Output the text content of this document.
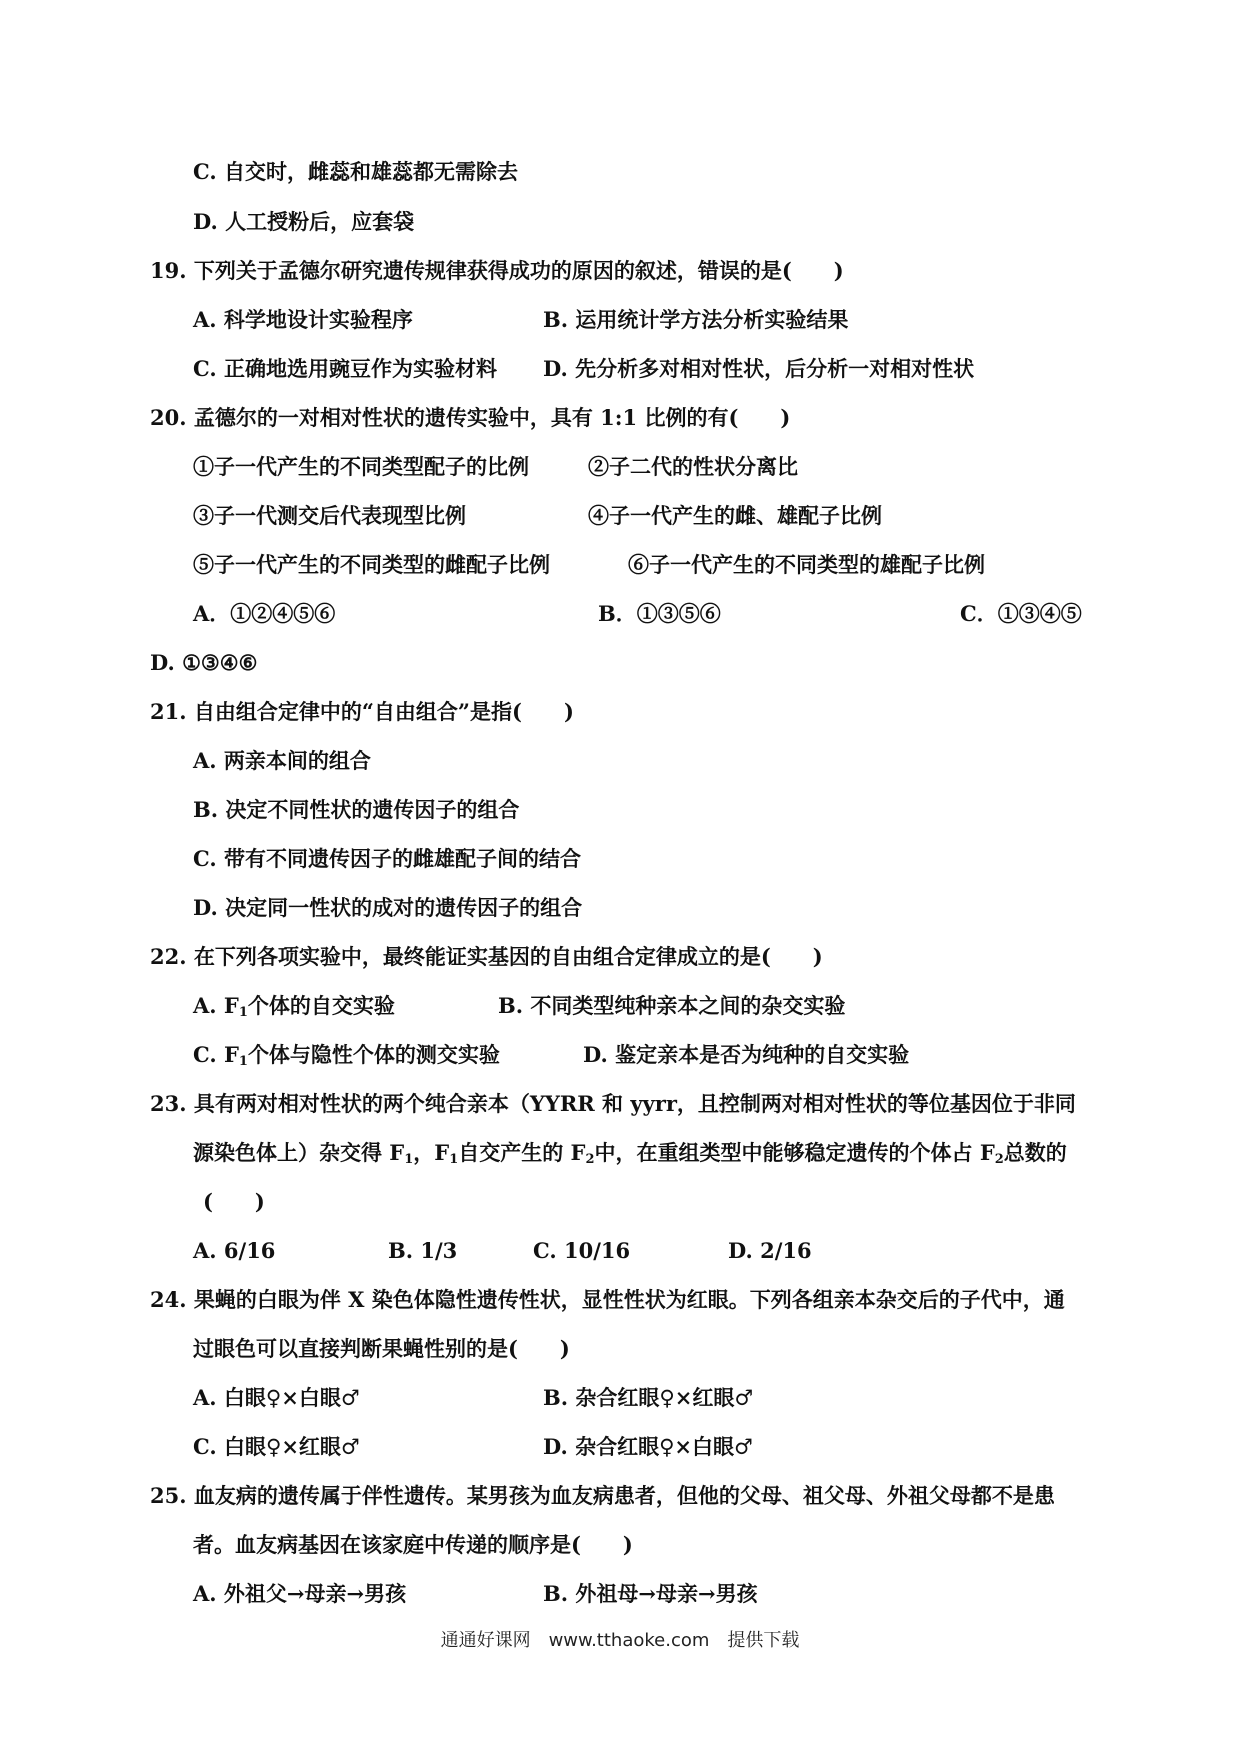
C. 自交时，雌蕊和雄蕊都无需除去
D. 人工授粉后，应套袋
19. 下列关于孟德尔研究遗传规律获得成功的原因的叙述，错误的是(　　)
A. 科学地设计实验程序	B. 运用统计学方法分析实验结果
C. 正确地选用豌豆作为实验材料 D. 先分析多对相对性状，后分析一对相对性状
20. 孟德尔的一对相对性状的遗传实验中，具有 1:1 比例的有(　　)
①子一代产生的不同类型配子的比例	②子二代的性状分离比
③子一代测交后代表现型比例	④子一代产生的雌、雄配子比例
⑤子一代产生的不同类型的雌配子比例	⑥子一代产生的不同类型的雄配子比例
A．①②④⑤⑥	B．①③⑤⑥	C．①③④⑤
D. ①③④⑥
21. 自由组合定律中的“自由组合”是指(　　)
A. 两亲本间的组合
B. 决定不同性状的遗传因子的组合
C. 带有不同遗传因子的雌雄配子间的结合
D. 决定同一性状的成对的遗传因子的组合
22. 在下列各项实验中，最终能证实基因的自由组合定律成立的是(　　)
A. $F_1$个体的自交实验	B. 不同类型纯种亲本之间的杂交实验
C. $F_1$个体与隐性个体的测交实验	D. 鉴定亲本是否为纯种的自交实验
23. 具有两对相对性状的两个纯合亲本（YYRR 和 yyrr，且控制两对相对性状的等位基因位于非同
源染色体上）杂交得 $F_1$，$F_1$自交产生的 $F_2$中，在重组类型中能够稳定遗传的个体占 $F_2$总数的
(　　)
A. 6/16	B. 1/3	C. 10/16	D. 2/16
24. 果蝇的白眼为伴 X 染色体隐性遗传性状，显性性状为红眼。下列各组亲本杂交后的子代中，通
过眼色可以直接判断果蝇性别的是(　　)
A. 白眼♀×白眼♂	B. 杂合红眼♀×红眼♂
C. 白眼♀×红眼♂	D. 杂合红眼♀×白眼♂
25. 血友病的遗传属于伴性遗传。某男孩为血友病患者，但他的父母、祖父母、外祖父母都不是患
者。血友病基因在该家庭中传递的顺序是(　　)
A. 外祖父→母亲→男孩	B. 外祖母→母亲→男孩
通通好课网　www.tthaoke.com　提供下载
